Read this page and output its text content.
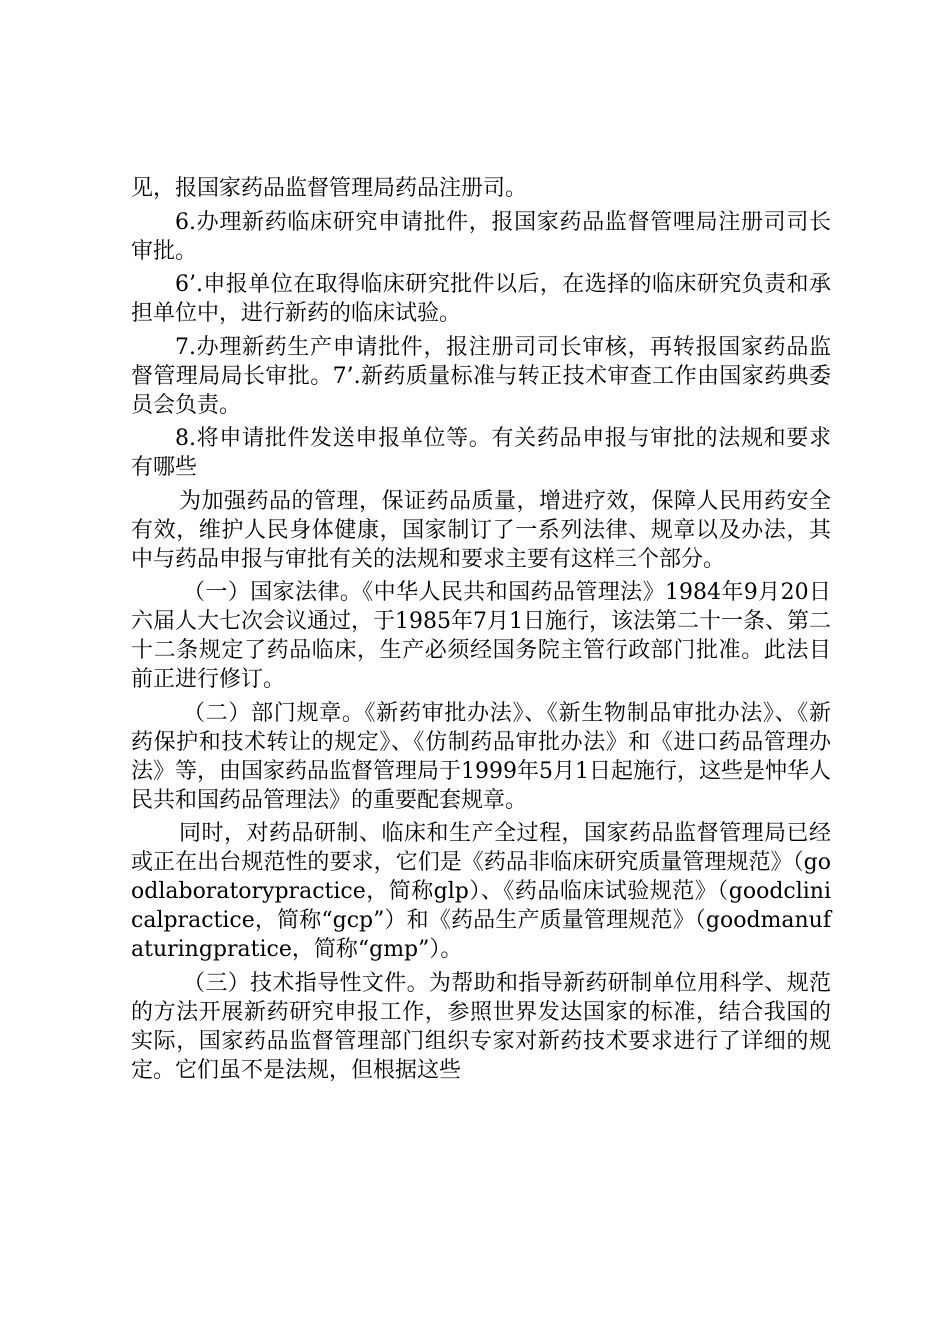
见，报国家药品监督管理局药品注册司。

6.办理新药临床研究申请批件，报国家药品监督管哩局注册司司长审批。

6’.申报单位在取得临床研究批件以后，在选择的临床研究负责和承担单位中，进行新药的临床试验。

7.办理新药生产申请批件，报注册司司长审核，再转报国家药品监督管理局局长审批。7’.新药质量标准与转正技术审查工作由国家药典委员会负责。

8.将申请批件发送申报单位等。有关药品申报与审批的法规和要求有哪些

为加强药品的管理，保证药品质量，增进疗效，保障人民用药安全有效，维护人民身体健康，国家制订了一系列法律、规章以及办法，其中与药品申报与审批有关的法规和要求主要有这样三个部分。

（一）国家法律。《中华人民共和国药品管理法》1984年9月20日六届人大七次会议通过，于1985年7月1日施行，该法第二十一条、第二十二条规定了药品临床，生产必须经国务院主管行政部门批准。此法目前正进行修订。

（二）部门规章。《新药审批办法》、《新生物制品审批办法》、《新药保护和技术转让的规定》、《仿制药品审批办法》和《进口药品管理办法》等，由国家药品监督管理局于1999年5月1日起施行，这些是忡华人民共和国药品管理法》的重要配套规章。

同时，对药品研制、临床和生产全过程，国家药品监督管理局已经或正在出台规范性的要求，它们是《药品非临床研究质量管理规范》（goodlaboratorypractice，简称glp）、《药品临床试验规范》（goodclinicalpractice，简称“gcp”）和《药品生产质量管理规范》（goodmanufaturingpratice，简称“gmp”）。

（三）技术指导性文件。为帮助和指导新药研制单位用科学、规范的方法开展新药研究申报工作，参照世界发达国家的标准，结合我国的实际，国家药品监督管理部门组织专家对新药技术要求进行了详细的规定。它们虽不是法规，但根据这些
